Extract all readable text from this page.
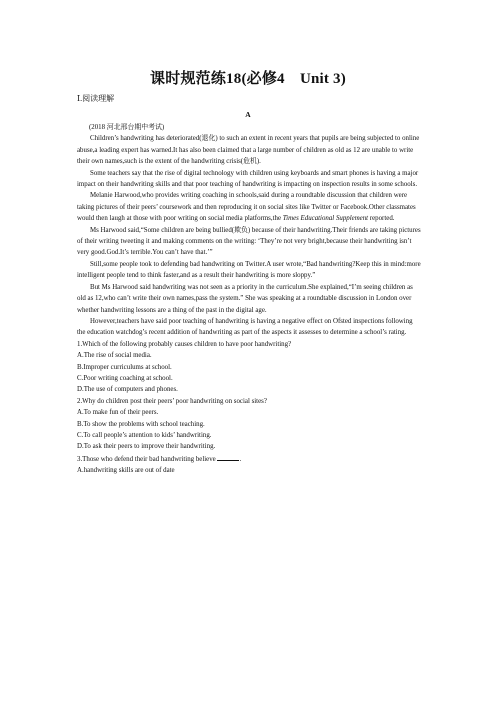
课时规范练18(必修4　Unit 3)
Ⅰ.阅读理解
A

(2018 河北邢台期中考试)

Children’s handwriting has deteriorated(退化) to such an extent in recent years that pupils are being subjected to online abuse,a leading expert has warned.It has also been claimed that a large number of children as old as 12 are unable to write their own names,such is the extent of the handwriting crisis(危机).

Some teachers say that the rise of digital technology with children using keyboards and smart phones is having a major impact on their handwriting skills and that poor teaching of handwriting is impacting on inspection results in some schools.

Melanie Harwood,who provides writing coaching in schools,said during a roundtable discussion that children were taking pictures of their peers’ coursework and then reproducing it on social sites like Twitter or Facebook.Other classmates would then laugh at those with poor writing on social media platforms,the Times Educational Supplement reported.

Ms Harwood said,“Some children are being bullied(欺负) because of their handwriting.Their friends are taking pictures of their writing tweeting it and making comments on the writing: ‘They’re not very bright,because their handwriting isn’t very good.God.It’s terrible.You can’t have that.’”

Still,some people took to defending bad handwriting on Twitter.A user wrote,“Bad handwriting?Keep this in mind:more intelligent people tend to think faster,and as a result their handwriting is more sloppy.”

But Ms Harwood said handwriting was not seen as a priority in the curriculum.She explained,“I’m seeing children as old as 12,who can’t write their own names,pass the system.” She was speaking at a roundtable discussion in London over whether handwriting lessons are a thing of the past in the digital age.

However,teachers have said poor teaching of handwriting is having a negative effect on Ofsted inspections following the education watchdog’s recent addition of handwriting as part of the aspects it assesses to determine a school’s rating.

1.Which of the following probably causes children to have poor handwriting?

A.The rise of social media.

B.Improper curriculums at school.

C.Poor writing coaching at school.

D.The use of computers and phones.

2.Why do children post their peers’ poor handwriting on social sites?

A.To make fun of their peers.

B.To show the problems with school teaching.

C.To call people’s attention to kids’ handwriting.

D.To ask their peers to improve their handwriting.

3.Those who defend their bad handwriting believe	.

A.handwriting skills are out of date
